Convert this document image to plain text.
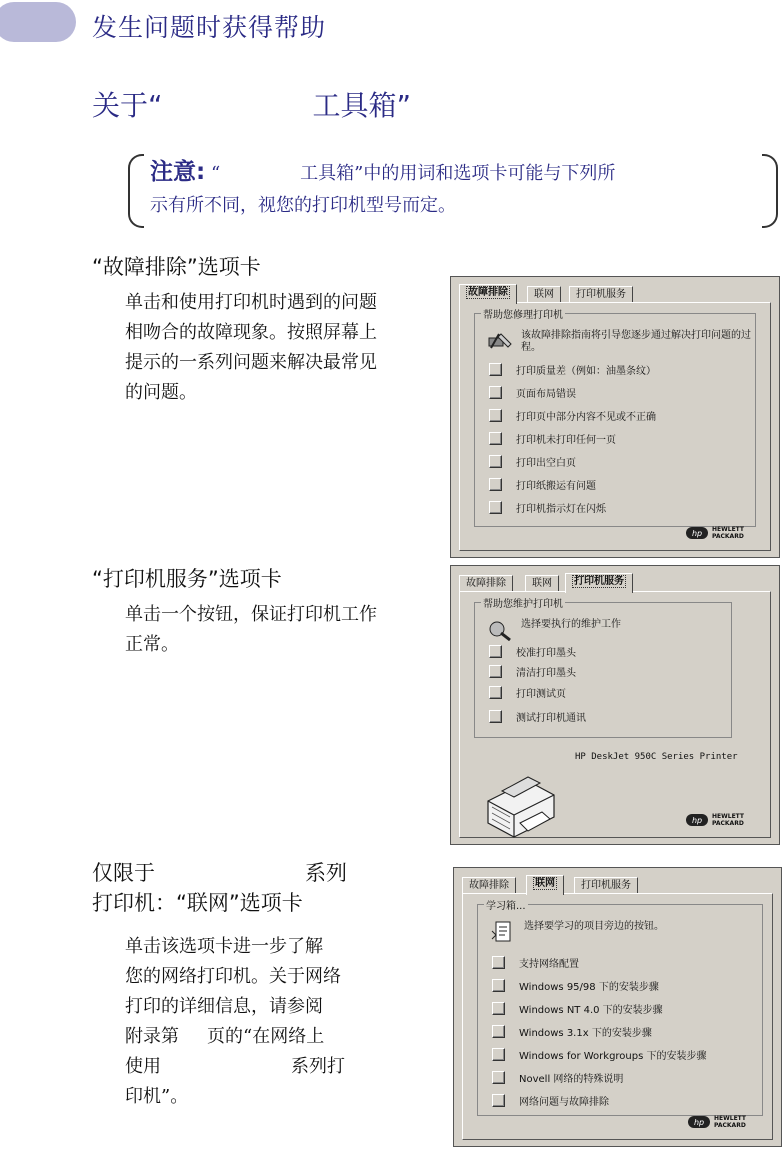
发生问题时获得帮助
关于“	工具箱”
注意: “	工具箱”中的用词和选项卡可能与下列所
示有所不同，视您的打印机型号而定。
“故障排除”选项卡
单击和使用打印机时遇到的问题
相吻合的故障现象。按照屏幕上
提示的一系列问题来解决最常见
的问题。
“打印机服务”选项卡
单击一个按钮，保证打印机工作
正常。
仅限于	系列
打印机：“联网”选项卡
单击该选项卡进一步了解
您的网络打印机。关于网络
打印的详细信息，请参阅
附录第 页的“在网络上
使用	系列打
印机”。
故障排除	联网	打印机服务
帮助您修理打印机
该故障排除指南将引导您逐步通过解决打印问题的过程。
打印质量差（例如：油墨条纹）
页面布局错误
打印页中部分内容不见或不正确
打印机未打印任何一页
打印出空白页
打印纸搬运有问题
打印机指示灯在闪烁
hp	HEWLETT
PACKARD
故障排除	联网	打印机服务
帮助您维护打印机
选择要执行的维护工作
校准打印墨头
清洁打印墨头
打印测试页
测试打印机通讯
HP DeskJet 950C Series Printer
hp	HEWLETT
PACKARD
故障排除	联网	打印机服务
学习箱...
选择要学习的项目旁边的按钮。
支持网络配置
Windows 95/98 下的安装步骤
Windows NT 4.0 下的安装步骤
Windows 3.1x 下的安装步骤
Windows for Workgroups 下的安装步骤
Novell 网络的特殊说明
网络问题与故障排除
hp	HEWLETT
PACKARD
